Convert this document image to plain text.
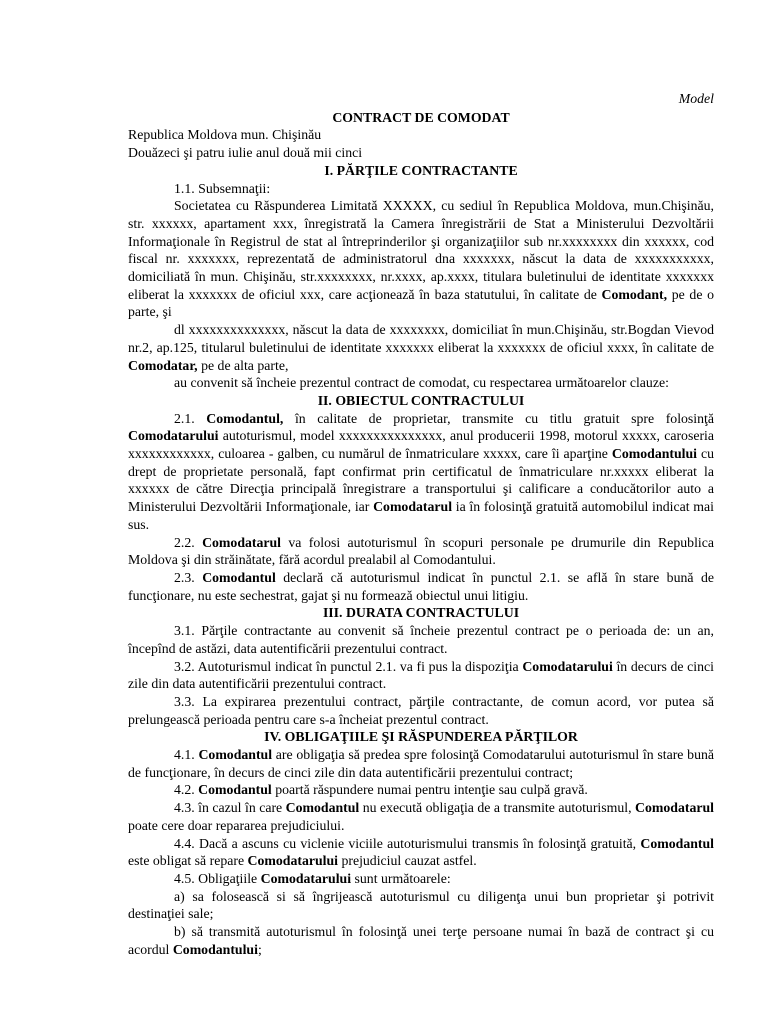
Model
CONTRACT DE COMODAT

Republica Moldova mun. Chişinău

Douăzeci şi patru iulie anul două mii cinci

I. PĂRŢILE CONTRACTANTE

1.1. Subsemnaţii:

Societatea cu Răspunderea Limitată XXXXX, cu sediul în Republica Moldova, mun.Chişinău, str. xxxxxx, apartament xxx, înregistrată la Camera înregistrării de Stat a Ministerului Dezvoltării Informaţionale în Registrul de stat al întreprinderilor şi organizaţiilor sub nr.xxxxxxxx din xxxxxx, cod fiscal nr. xxxxxxx, reprezentată de administratorul dna xxxxxxx, născut la data de xxxxxxxxxxx, domiciliată în mun. Chişinău, str.xxxxxxxx, nr.xxxx, ap.xxxx, titulara buletinului de identitate xxxxxxx eliberat la xxxxxxx de oficiul xxx, care acţionează în baza statutului, în calitate de Comodant, pe de o parte, şi

dl xxxxxxxxxxxxxx, născut la data de xxxxxxxx, domiciliat în mun.Chişinău, str.Bogdan Vievod nr.2, ap.125, titularul buletinului de identitate xxxxxxx eliberat la xxxxxxx de oficiul xxxx, în calitate de Comodatar, pe de alta parte,

au convenit să încheie prezentul contract de comodat, cu respectarea următoarelor clauze:

II. OBIECTUL CONTRACTULUI

2.1. Comodantul, în calitate de proprietar, transmite cu titlu gratuit spre folosinţă Comodatarului autoturismul, model xxxxxxxxxxxxxxx, anul producerii 1998, motorul xxxxx, caroseria xxxxxxxxxxxx, culoarea - galben, cu numărul de înmatriculare xxxxx, care îi aparţine Comodantului cu drept de proprietate personală, fapt confirmat prin certificatul de înmatriculare nr.xxxxx eliberat la xxxxxx de către Direcţia principală înregistrare a transportului şi calificare a conducătorilor auto a Ministerului Dezvoltării Informaţionale, iar Comodatarul ia în folosinţă gratuită automobilul indicat mai sus.

2.2. Comodatarul va folosi autoturismul în scopuri personale pe drumurile din Republica Moldova şi din străinătate, fără acordul prealabil al Comodantului.

2.3. Comodantul declară că autoturismul indicat în punctul 2.1. se află în stare bună de funcţionare, nu este sechestrat, gajat şi nu formează obiectul unui litigiu.

III. DURATA CONTRACTULUI

3.1. Părţile contractante au convenit să încheie prezentul contract pe o perioada de: un an, începînd de astăzi, data autentificării prezentului contract.

3.2. Autoturismul indicat în punctul 2.1. va fi pus la dispoziţia Comodatarului în decurs de cinci zile din data autentificării prezentului contract.

3.3. La expirarea prezentului contract, părţile contractante, de comun acord, vor putea să prelungească perioada pentru care s-a încheiat prezentul contract.

IV. OBLIGAŢIILE ŞI RĂSPUNDEREA PĂRŢILOR

4.1. Comodantul are obligaţia să predea spre folosinţă Comodatarului autoturismul în stare bună de funcţionare, în decurs de cinci zile din data autentificării prezentului contract;

4.2. Comodantul poartă răspundere numai pentru intenţie sau culpă gravă.

4.3. în cazul în care Comodantul nu execută obligaţia de a transmite autoturismul, Comodatarul poate cere doar repararea prejudiciului.

4.4. Dacă a ascuns cu viclenie viciile autoturismului transmis în folosinţă gratuită, Comodantul este obligat să repare Comodatarului prejudiciul cauzat astfel.

4.5. Obligaţiile Comodatarului sunt următoarele:

a) sa folosească si să îngrijească autoturismul cu diligenţa unui bun proprietar şi potrivit destinaţiei sale;

b) să transmită autoturismul în folosinţă unei terţe persoane numai în bază de contract şi cu acordul Comodantului;
